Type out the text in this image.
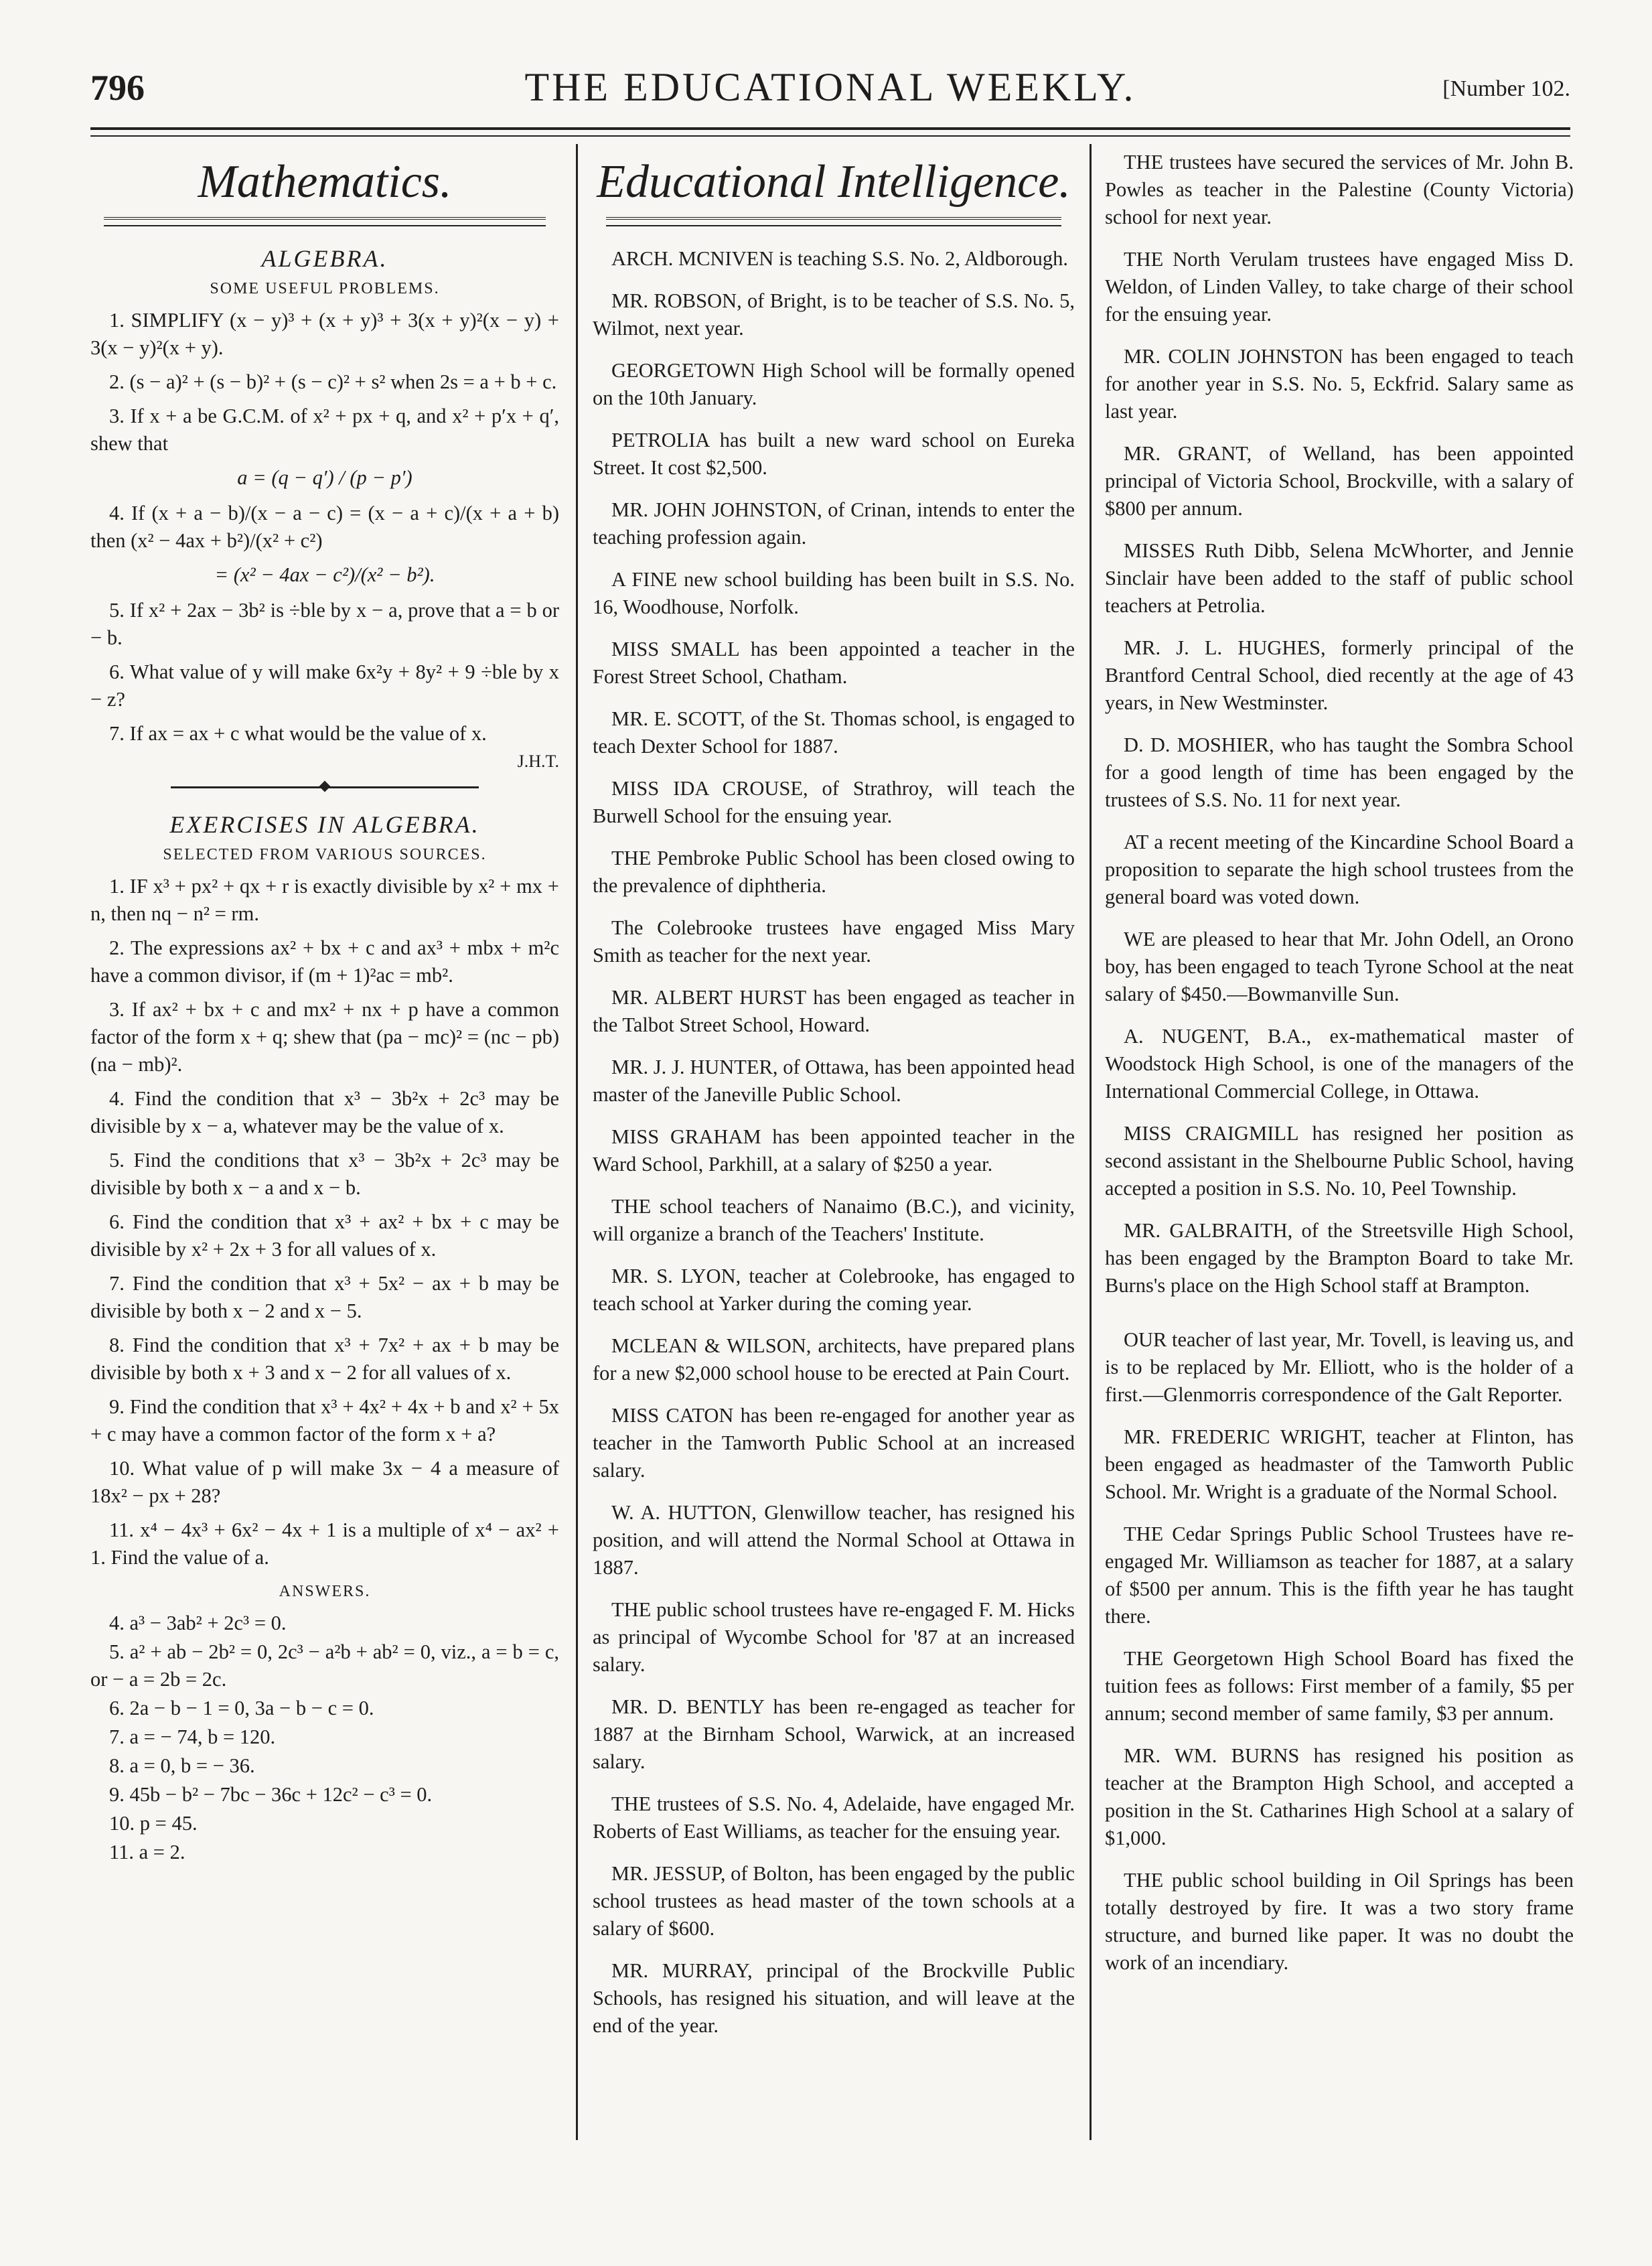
796	THE EDUCATIONAL WEEKLY.	[Number 102.
Mathematics.
ALGEBRA.
SOME USEFUL PROBLEMS.

1. SIMPLIFY (x − y)³ + (x + y)³ + 3(x + y)²(x − y) + 3(x − y)²(x + y).

2. (s − a)² + (s − b)² + (s − c)² + s² when 2s = a + b + c.

3. If x + a be G.C.M. of x² + px + q, and x² + p′x + q′, shew that

a = (q − q′) / (p − p′)

4. If (x + a − b)/(x − a − c) = (x − a + c)/(x + a + b) then (x² − 4ax + b²)/(x² + c²)

= (x² − 4ax − c²)/(x² − b²).

5. If x² + 2ax − 3b² is ÷ble by x − a, prove that a = b or − b.

6. What value of y will make 6x²y + 8y² + 9 ÷ble by x − z?

7. If ax = ax + c what would be the value of x.

J.H.T.
EXERCISES IN ALGEBRA.
SELECTED FROM VARIOUS SOURCES.

1. IF x³ + px² + qx + r is exactly divisible by x² + mx + n, then nq − n² = rm.

2. The expressions ax² + bx + c and ax³ + mbx + m²c have a common divisor, if (m + 1)²ac = mb².

3. If ax² + bx + c and mx² + nx + p have a common factor of the form x + q; shew that (pa − mc)² = (nc − pb) (na − mb)².

4. Find the condition that x³ − 3b²x + 2c³ may be divisible by x − a, whatever may be the value of x.

5. Find the conditions that x³ − 3b²x + 2c³ may be divisible by both x − a and x − b.

6. Find the condition that x³ + ax² + bx + c may be divisible by x² + 2x + 3 for all values of x.

7. Find the condition that x³ + 5x² − ax + b may be divisible by both x − 2 and x − 5.

8. Find the condition that x³ + 7x² + ax + b may be divisible by both x + 3 and x − 2 for all values of x.

9. Find the condition that x³ + 4x² + 4x + b and x² + 5x + c may have a common factor of the form x + a?

10. What value of p will make 3x − 4 a measure of 18x² − px + 28?

11. x⁴ − 4x³ + 6x² − 4x + 1 is a multiple of x⁴ − ax² + 1. Find the value of a.

ANSWERS.

4. a³ − 3ab² + 2c³ = 0.

5. a² + ab − 2b² = 0, 2c³ − a²b + ab² = 0, viz., a = b = c, or − a = 2b = 2c.

6. 2a − b − 1 = 0, 3a − b − c = 0.

7. a = − 74, b = 120.

8. a = 0, b = − 36.

9. 45b − b² − 7bc − 36c + 12c² − c³ = 0.

10. p = 45.

11. a = 2.

Educational Intelligence.

ARCH. MCNIVEN is teaching S.S. No. 2, Aldborough.

MR. ROBSON, of Bright, is to be teacher of S.S. No. 5, Wilmot, next year.

GEORGETOWN High School will be formally opened on the 10th January.

PETROLIA has built a new ward school on Eureka Street. It cost $2,500.

MR. JOHN JOHNSTON, of Crinan, intends to enter the teaching profession again.

A FINE new school building has been built in S.S. No. 16, Woodhouse, Norfolk.

MISS SMALL has been appointed a teacher in the Forest Street School, Chatham.

MR. E. SCOTT, of the St. Thomas school, is engaged to teach Dexter School for 1887.

MISS IDA CROUSE, of Strathroy, will teach the Burwell School for the ensuing year.

THE Pembroke Public School has been closed owing to the prevalence of diphtheria.

The Colebrooke trustees have engaged Miss Mary Smith as teacher for the next year.

MR. ALBERT HURST has been engaged as teacher in the Talbot Street School, Howard.

MR. J. J. HUNTER, of Ottawa, has been appointed head master of the Janeville Public School.

MISS GRAHAM has been appointed teacher in the Ward School, Parkhill, at a salary of $250 a year.

THE school teachers of Nanaimo (B.C.), and vicinity, will organize a branch of the Teachers' Institute.

MR. S. LYON, teacher at Colebrooke, has engaged to teach school at Yarker during the coming year.

MCLEAN & WILSON, architects, have prepared plans for a new $2,000 school house to be erected at Pain Court.

MISS CATON has been re-engaged for another year as teacher in the Tamworth Public School at an increased salary.

W. A. HUTTON, Glenwillow teacher, has resigned his position, and will attend the Normal School at Ottawa in 1887.

THE public school trustees have re-engaged F. M. Hicks as principal of Wycombe School for '87 at an increased salary.

MR. D. BENTLY has been re-engaged as teacher for 1887 at the Birnham School, Warwick, at an increased salary.

THE trustees of S.S. No. 4, Adelaide, have engaged Mr. Roberts of East Williams, as teacher for the ensuing year.

MR. JESSUP, of Bolton, has been engaged by the public school trustees as head master of the town schools at a salary of $600.

MR. MURRAY, principal of the Brockville Public Schools, has resigned his situation, and will leave at the end of the year.

THE trustees have secured the services of Mr. John B. Powles as teacher in the Palestine (County Victoria) school for next year.

THE North Verulam trustees have engaged Miss D. Weldon, of Linden Valley, to take charge of their school for the ensuing year.

MR. COLIN JOHNSTON has been engaged to teach for another year in S.S. No. 5, Eckfrid. Salary same as last year.

MR. GRANT, of Welland, has been appointed principal of Victoria School, Brockville, with a salary of $800 per annum.

MISSES Ruth Dibb, Selena McWhorter, and Jennie Sinclair have been added to the staff of public school teachers at Petrolia.

MR. J. L. HUGHES, formerly principal of the Brantford Central School, died recently at the age of 43 years, in New Westminster.

D. D. MOSHIER, who has taught the Sombra School for a good length of time has been engaged by the trustees of S.S. No. 11 for next year.

AT a recent meeting of the Kincardine School Board a proposition to separate the high school trustees from the general board was voted down.

WE are pleased to hear that Mr. John Odell, an Orono boy, has been engaged to teach Tyrone School at the neat salary of $450.—Bowmanville Sun.

A. NUGENT, B.A., ex-mathematical master of Woodstock High School, is one of the managers of the International Commercial College, in Ottawa.

MISS CRAIGMILL has resigned her position as second assistant in the Shelbourne Public School, having accepted a position in S.S. No. 10, Peel Township.

MR. GALBRAITH, of the Streetsville High School, has been engaged by the Brampton Board to take Mr. Burns's place on the High School staff at Brampton.

OUR teacher of last year, Mr. Tovell, is leaving us, and is to be replaced by Mr. Elliott, who is the holder of a first.—Glenmorris correspondence of the Galt Reporter.

MR. FREDERIC WRIGHT, teacher at Flinton, has been engaged as headmaster of the Tamworth Public School. Mr. Wright is a graduate of the Normal School.

THE Cedar Springs Public School Trustees have re-engaged Mr. Williamson as teacher for 1887, at a salary of $500 per annum. This is the fifth year he has taught there.

THE Georgetown High School Board has fixed the tuition fees as follows: First member of a family, $5 per annum; second member of same family, $3 per annum.

MR. WM. BURNS has resigned his position as teacher at the Brampton High School, and accepted a position in the St. Catharines High School at a salary of $1,000.

THE public school building in Oil Springs has been totally destroyed by fire. It was a two story frame structure, and burned like paper. It was no doubt the work of an incendiary.
